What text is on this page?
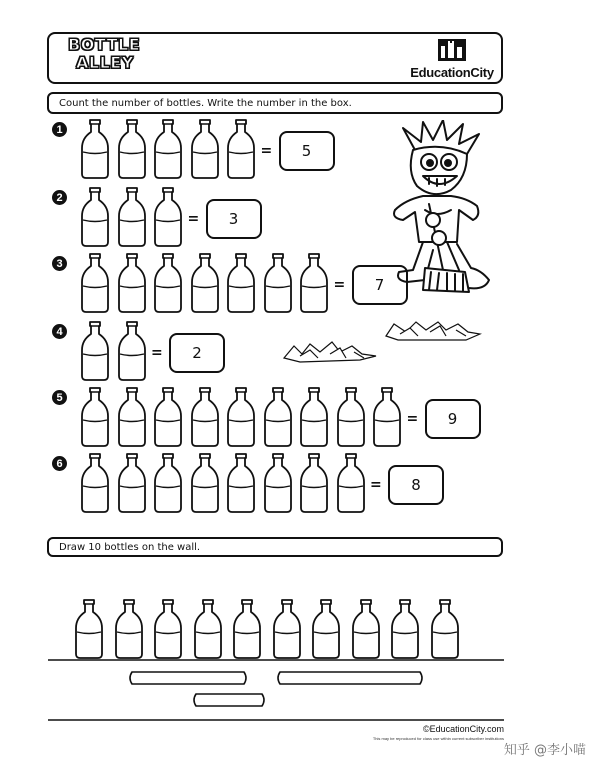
BOTTLE
ALLEY
EducationCity
Count the number of bottles. Write the number in the box.
1
=	5
2
=	3
3
=	7
4
=	2
5
=	9
6
=	8
Draw 10 bottles on the wall.
©EducationCity.com
This may be reproduced for class use within current subscriber institutions
知乎 @李小喵
